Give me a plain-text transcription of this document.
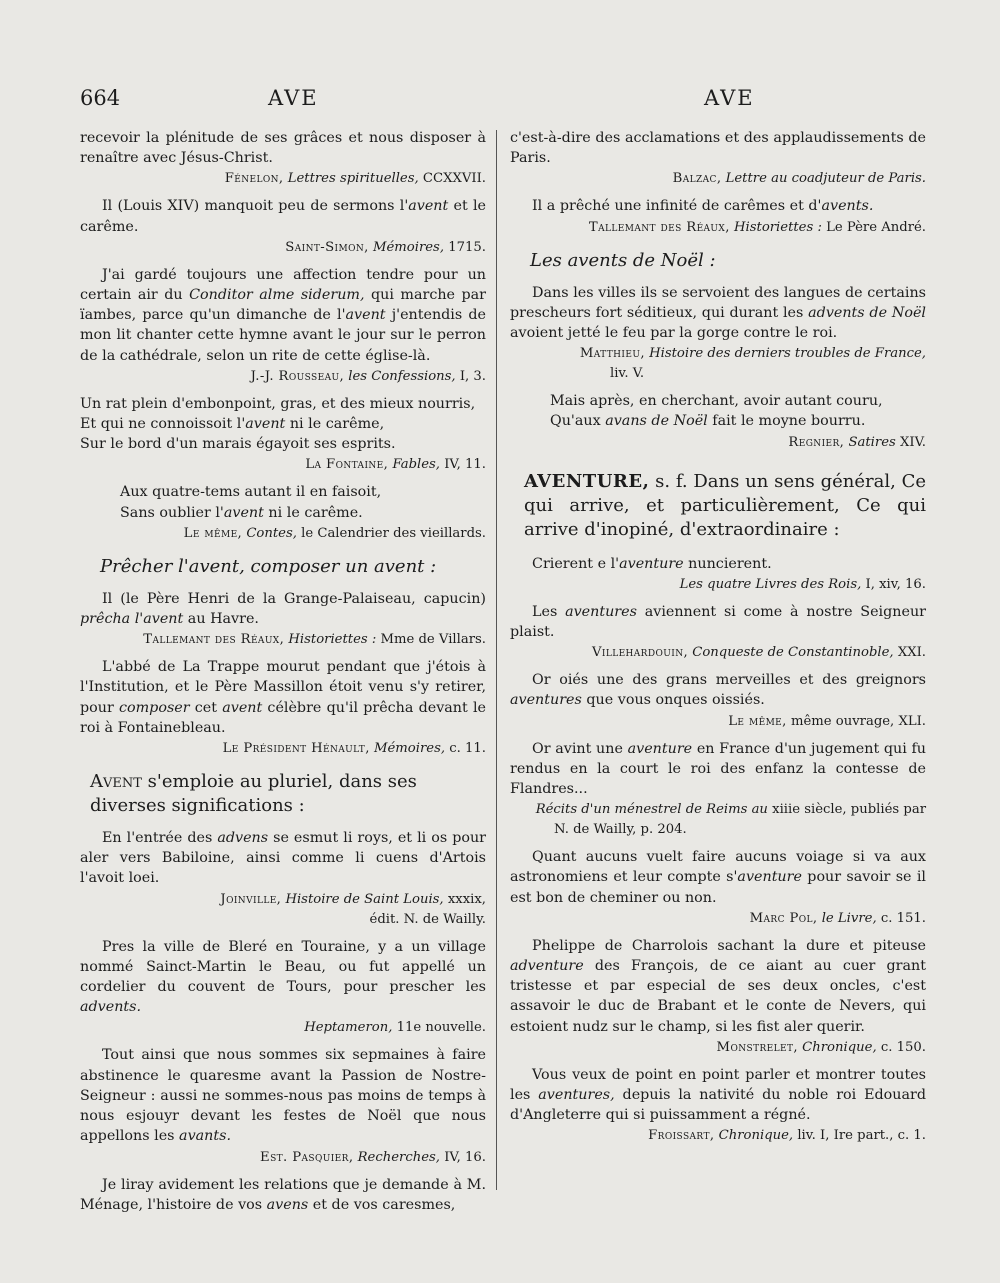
664	AVE	AVE

recevoir la plénitude de ses grâces et nous disposer à renaître avec Jésus-Christ.

Fénelon, Lettres spirituelles, CCXXVII.

Il (Louis XIV) manquoit peu de sermons l'avent et le carême.

Saint-Simon, Mémoires, 1715.

J'ai gardé toujours une affection tendre pour un certain air du Conditor alme siderum, qui marche par ïambes, parce qu'un dimanche de l'avent j'entendis de mon lit chanter cette hymne avant le jour sur le perron de la cathédrale, selon un rite de cette église-là.

J.-J. Rousseau, les Confessions, I, 3.

Un rat plein d'embonpoint, gras, et des mieux nourris,

Et qui ne connoissoit l'avent ni le carême,

Sur le bord d'un marais égayoit ses esprits.

La Fontaine, Fables, IV, 11.

Aux quatre-tems autant il en faisoit,

Sans oublier l'avent ni le carême.

Le même, Contes, le Calendrier des vieillards.

Prêcher l'avent, composer un avent :

Il (le Père Henri de la Grange-Palaiseau, capucin) prêcha l'avent au Havre.

Tallemant des Réaux, Historiettes : Mme de Villars.

L'abbé de La Trappe mourut pendant que j'étois à l'Institution, et le Père Massillon étoit venu s'y retirer, pour composer cet avent célèbre qu'il prêcha devant le roi à Fontainebleau.

Le Président Hénault, Mémoires, c. 11.

Avent s'emploie au pluriel, dans ses diverses significations :

En l'entrée des advens se esmut li roys, et li os pour aler vers Babiloine, ainsi comme li cuens d'Artois l'avoit loei.

Joinville, Histoire de Saint Louis, xxxix,

édit. N. de Wailly.

Pres la ville de Bleré en Touraine, y a un village nommé Sainct-Martin le Beau, ou fut appellé un cordelier du couvent de Tours, pour prescher les advents.

Heptameron, 11e nouvelle.

Tout ainsi que nous sommes six sepmaines à faire abstinence le quaresme avant la Passion de Nostre-Seigneur : aussi ne sommes-nous pas moins de temps à nous esjouyr devant les festes de Noël que nous appellons les avants.

Est. Pasquier, Recherches, IV, 16.

Je liray avidement les relations que je demande à M. Ménage, l'histoire de vos avens et de vos caresmes,

c'est-à-dire des acclamations et des applaudissements de Paris.

Balzac, Lettre au coadjuteur de Paris.

Il a prêché une infinité de carêmes et d'avents.

Tallemant des Réaux, Historiettes : Le Père André.

Les avents de Noël :

Dans les villes ils se servoient des langues de certains prescheurs fort séditieux, qui durant les advents de Noël avoient jetté le feu par la gorge contre le roi.

Matthieu, Histoire des derniers troubles de France,

liv. V.

Mais après, en cherchant, avoir autant couru,

Qu'aux avans de Noël fait le moyne bourru.

Regnier, Satires XIV.

AVENTURE, s. f. Dans un sens général, Ce qui arrive, et particulièrement, Ce qui arrive d'inopiné, d'extraordinaire :

Crierent e l'aventure nuncierent.

Les quatre Livres des Rois, I, xiv, 16.

Les aventures aviennent si come à nostre Seigneur plaist.

Villehardouin, Conqueste de Constantinoble, XXI.

Or oiés une des grans merveilles et des greignors aventures que vous onques oissiés.

Le même, même ouvrage, XLI.

Or avint une aventure en France d'un jugement qui fu rendus en la court le roi des enfanz la contesse de Flandres...

Récits d'un ménestrel de Reims au xiiie siècle, publiés par

N. de Wailly, p. 204.

Quant aucuns vuelt faire aucuns voiage si va aux astronomiens et leur compte s'aventure pour savoir se il est bon de cheminer ou non.

Marc Pol, le Livre, c. 151.

Phelippe de Charrolois sachant la dure et piteuse adventure des François, de ce aiant au cuer grant tristesse et par especial de ses deux oncles, c'est assavoir le duc de Brabant et le conte de Nevers, qui estoient nudz sur le champ, si les fist aler querir.

Monstrelet, Chronique, c. 150.

Vous veux de point en point parler et montrer toutes les aventures, depuis la nativité du noble roi Edouard d'Angleterre qui si puissamment a régné.

Froissart, Chronique, liv. I, Ire part., c. 1.
